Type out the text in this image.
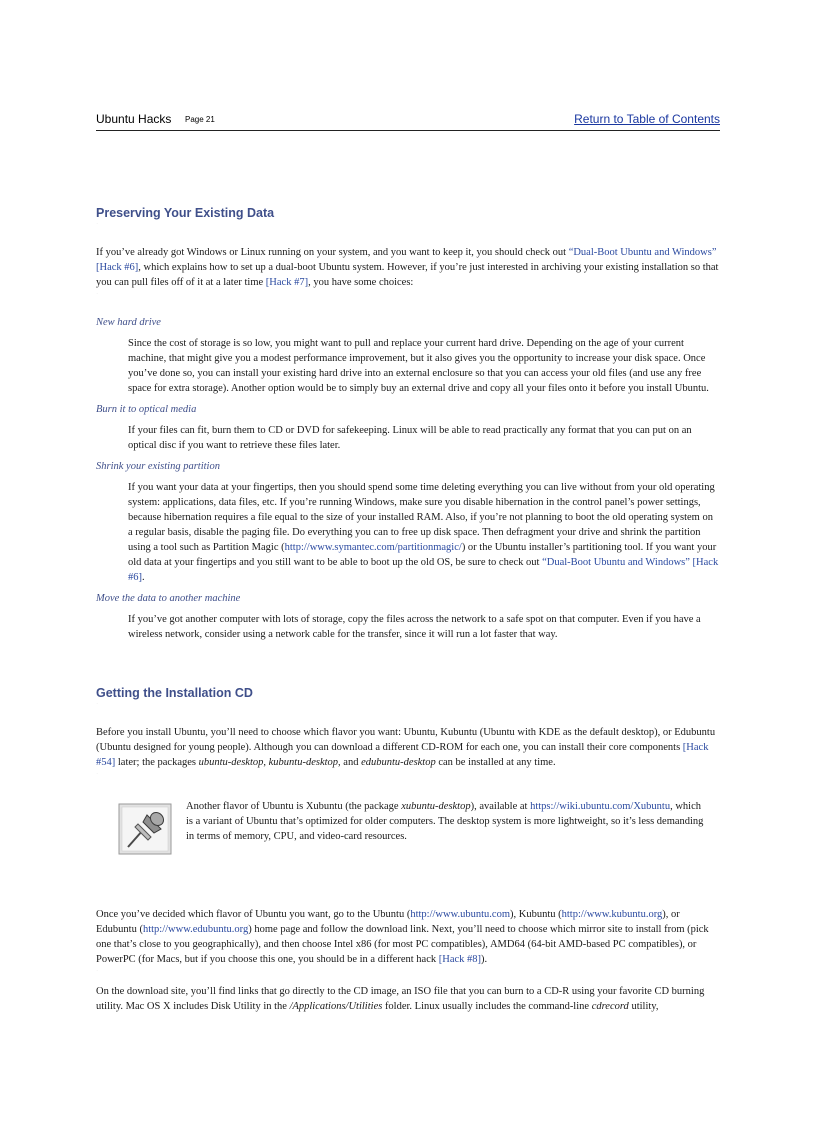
Ubuntu Hacks Page 21	Return to Table of Contents
Preserving Your Existing Data
·

If you’ve already got Windows or Linux running on your system, and you want to keep it, you should check out “Dual-Boot Ubuntu and Windows” [Hack #6], which explains how to set up a dual-boot Ubuntu system. However, if you’re just interested in archiving your existing installation so that you can pull files off of it at a later time [Hack #7], you have some choices:

·
New hard drive

Since the cost of storage is so low, you might want to pull and replace your current hard drive. Depending on the age of your current machine, that might give you a modest performance improvement, but it also gives you the opportunity to increase your disk space. Once you’ve done so, you can install your existing hard drive into an external enclosure so that you can access your old files (and use any free space for extra storage). Another option would be to simply buy an external drive and copy all your files onto it before you install Ubuntu.

Burn it to optical media

If your files can fit, burn them to CD or DVD for safekeeping. Linux will be able to read practically any format that you can put on an optical disc if you want to retrieve these files later.

Shrink your existing partition

If you want your data at your fingertips, then you should spend some time deleting everything you can live without from your old operating system: applications, data files, etc. If you’re running Windows, make sure you disable hibernation in the control panel’s power settings, because hibernation requires a file equal to the size of your installed RAM. Also, if you’re not planning to boot the old operating system on a regular basis, disable the paging file. Do everything you can to free up disk space. Then defragment your drive and shrink the partition using a tool such as Partition Magic (http://www.symantec.com/partitionmagic/) or the Ubuntu installer’s partitioning tool. If you want your old data at your fingertips and you still want to be able to boot up the old OS, be sure to check out “Dual-Boot Ubuntu and Windows” [Hack #6].

Move the data to another machine

If you’ve got another computer with lots of storage, copy the files across the network to a safe spot on that computer. Even if you have a wireless network, consider using a network cable for the transfer, since it will run a lot faster that way.

Getting the Installation CD
·

Before you install Ubuntu, you’ll need to choose which flavor you want: Ubuntu, Kubuntu (Ubuntu with KDE as the default desktop), or Edubuntu (Ubuntu designed for young people). Although you can download a different CD-ROM for each one, you can install their core components [Hack #54] later; the packages ubuntu-desktop, kubuntu-desktop, and edubuntu-desktop can be installed at any time.

·

Another flavor of Ubuntu is Xubuntu (the package xubuntu-desktop), available at https://wiki.ubuntu.com/Xubuntu, which is a variant of Ubuntu that’s optimized for older computers. The desktop system is more lightweight, so it’s less demanding in terms of memory, CPU, and video-card resources.

Once you’ve decided which flavor of Ubuntu you want, go to the Ubuntu (http://www.ubuntu.com), Kubuntu (http://www.kubuntu.org), or Edubuntu (http://www.edubuntu.org) home page and follow the download link. Next, you’ll need to choose which mirror site to install from (pick one that’s close to you geographically), and then choose Intel x86 (for most PC compatibles), AMD64 (64-bit AMD-based PC compatibles), or PowerPC (for Macs, but if you choose this one, you should be in a different hack [Hack #8]).

·

On the download site, you’ll find links that go directly to the CD image, an ISO file that you can burn to a CD-R using your favorite CD burning utility. Mac OS X includes Disk Utility in the /Applications/Utilities folder. Linux usually includes the command-line cdrecord utility,
